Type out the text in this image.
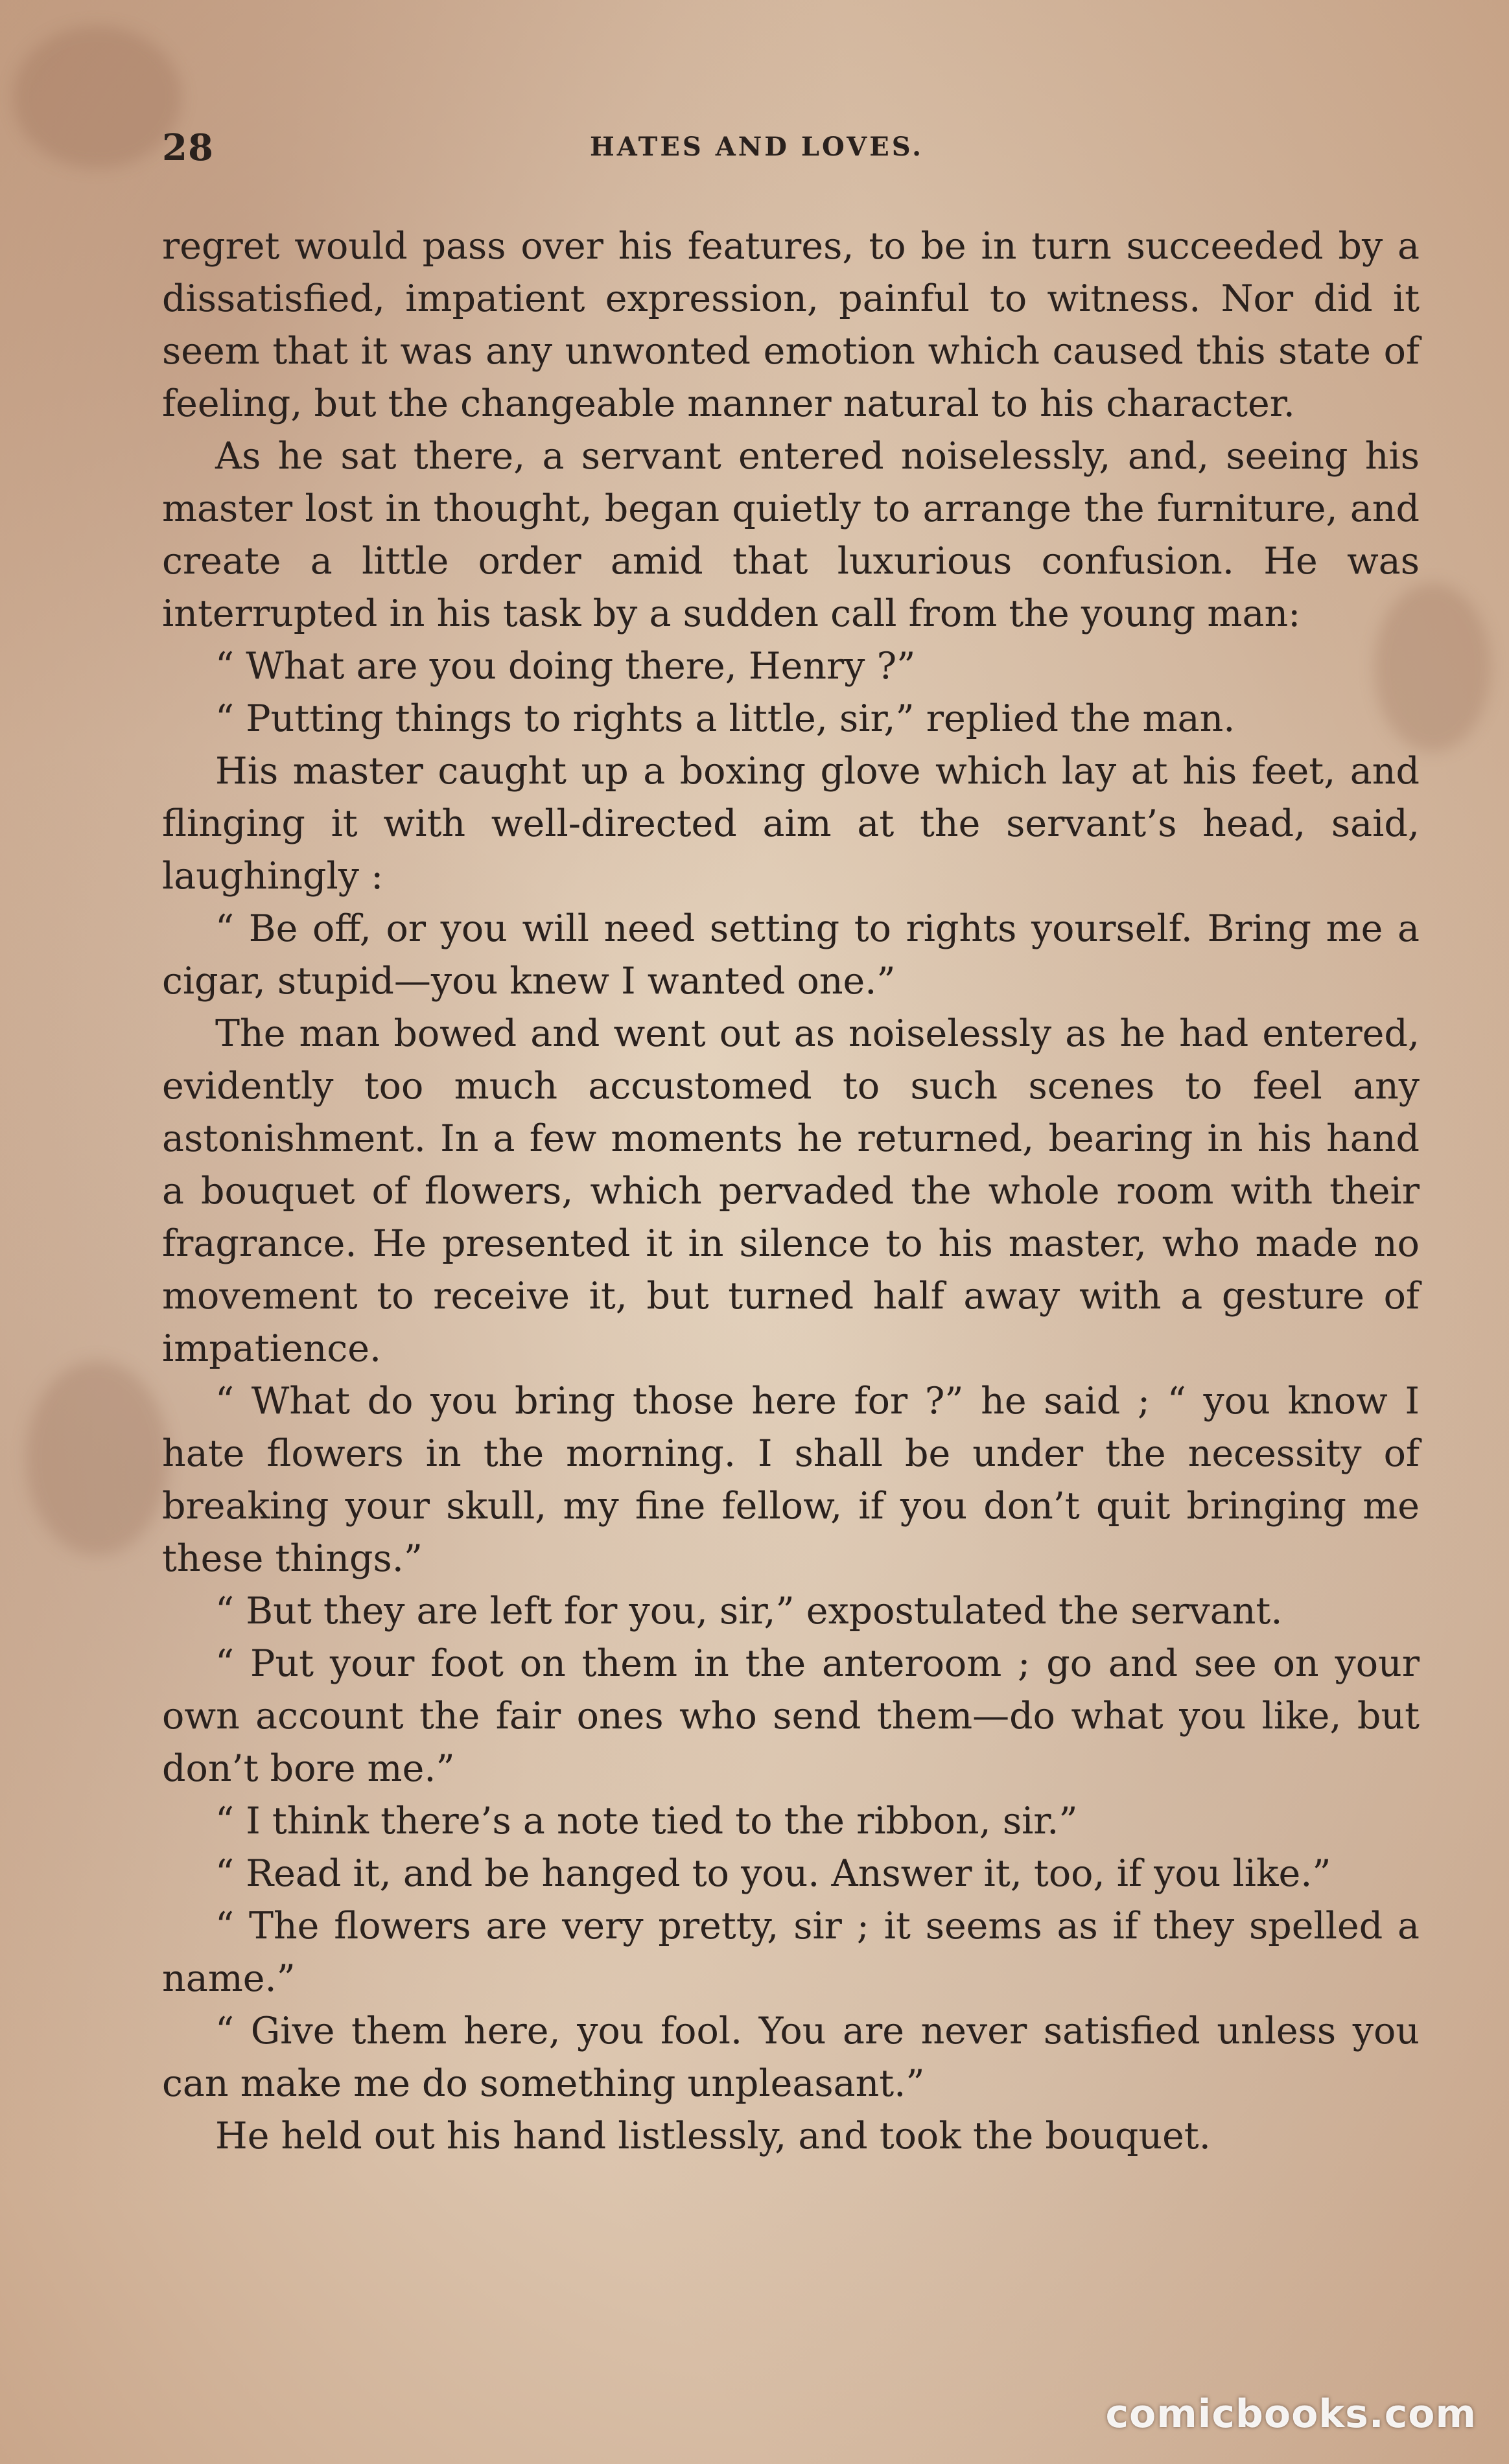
28	HATES AND LOVES.

regret would pass over his features, to be in turn succeeded by a dissatisfied, impatient expression, painful to witness. Nor did it seem that it was any unwonted emotion which caused this state of feeling, but the changeable manner natural to his character.

As he sat there, a servant entered noiselessly, and, seeing his master lost in thought, began quietly to arrange the furniture, and create a little order amid that luxurious confusion. He was interrupted in his task by a sudden call from the young man:

“ What are you doing there, Henry ?”

“ Putting things to rights a little, sir,” replied the man.

His master caught up a boxing glove which lay at his feet, and flinging it with well-directed aim at the servant’s head, said, laughingly :

“ Be off, or you will need setting to rights yourself. Bring me a cigar, stupid—you knew I wanted one.”

The man bowed and went out as noiselessly as he had entered, evidently too much accustomed to such scenes to feel any astonishment. In a few moments he returned, bearing in his hand a bouquet of flowers, which pervaded the whole room with their fragrance. He presented it in silence to his master, who made no movement to receive it, but turned half away with a gesture of impatience.

“ What do you bring those here for ?” he said ; “ you know I hate flowers in the morning. I shall be under the necessity of breaking your skull, my fine fellow, if you don’t quit bringing me these things.”

“ But they are left for you, sir,” expostulated the servant.

“ Put your foot on them in the anteroom ; go and see on your own account the fair ones who send them—do what you like, but don’t bore me.”

“ I think there’s a note tied to the ribbon, sir.”

“ Read it, and be hanged to you. Answer it, too, if you like.”

“ The flowers are very pretty, sir ; it seems as if they spelled a name.”

“ Give them here, you fool. You are never satisfied unless you can make me do something unpleasant.”

He held out his hand listlessly, and took the bouquet.

comicbooks.com
